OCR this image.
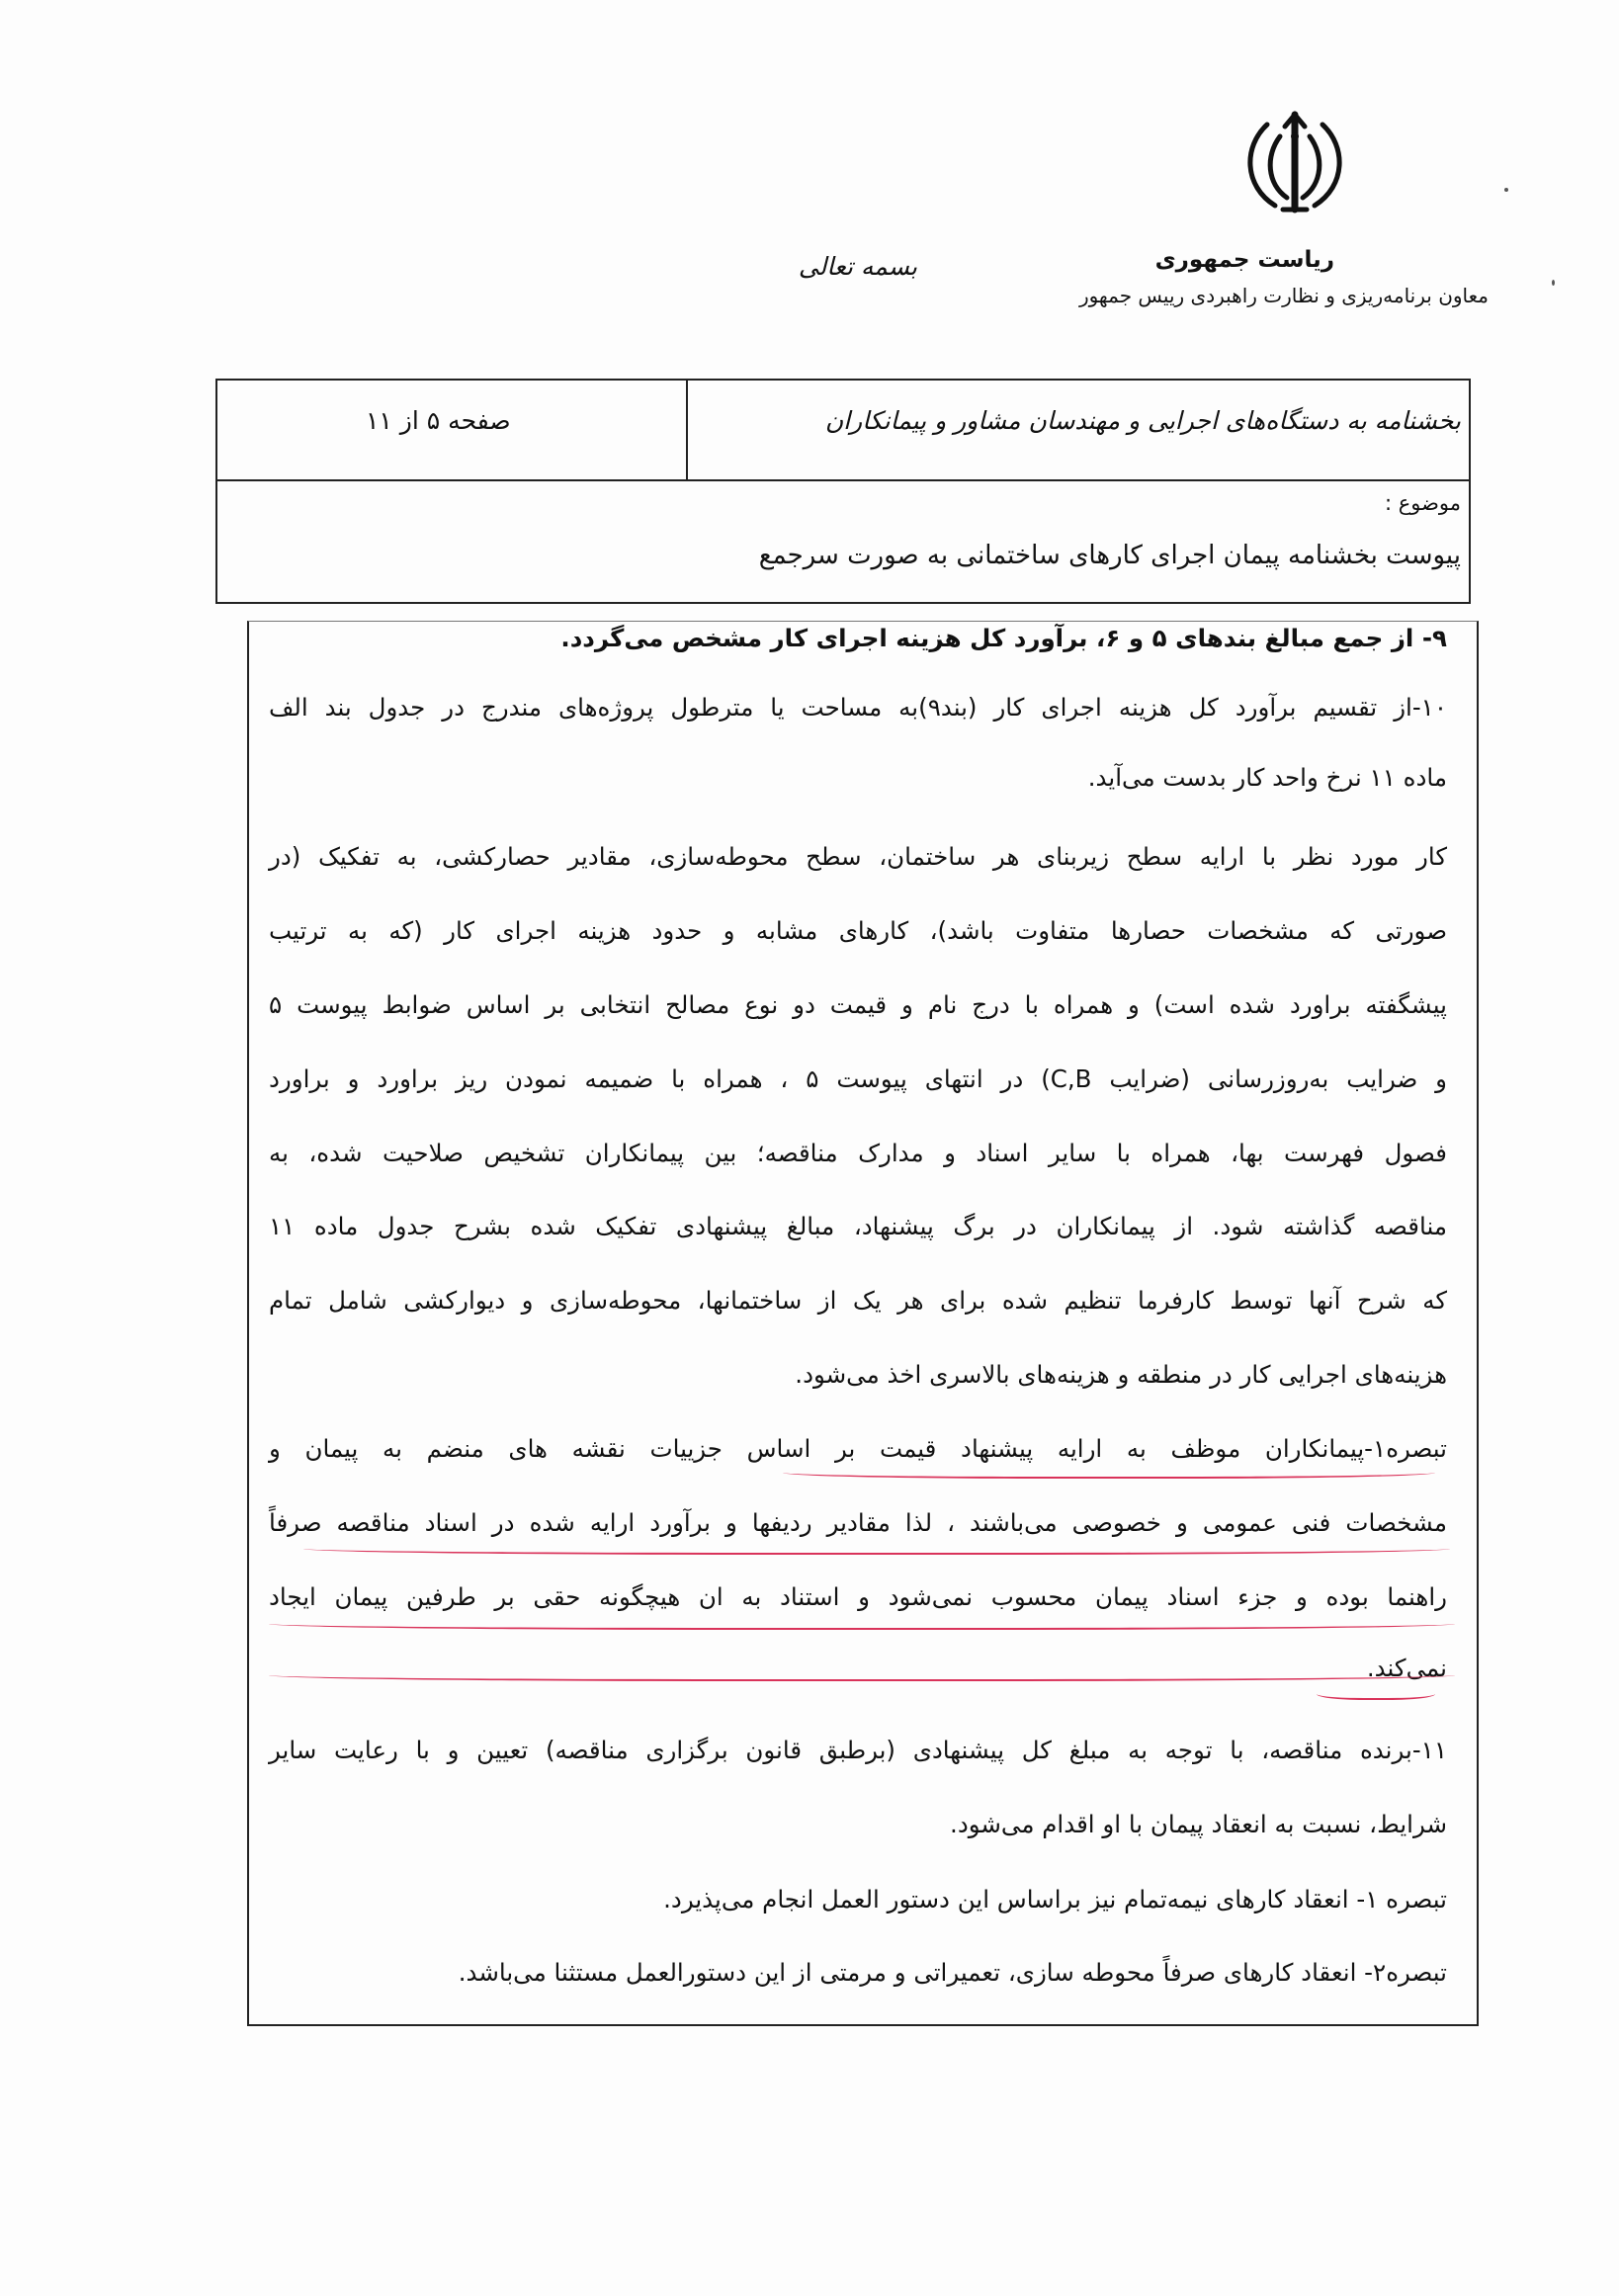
ریاست جمهوری
معاون برنامه‌ریزی و نظارت راهبردی رییس جمهور
بسمه تعالی
بخشنامه به دستگاه‌های اجرایی و مهندسان مشاور و پیمانکاران
صفحه ۵ از ۱۱
موضوع :
پیوست بخشنامه پیمان اجرای کارهای ساختمانی به صورت سرجمع
۹- از جمع مبالغ بندهای ۵ و ۶، برآورد کل هزینه اجرای کار مشخص می‌گردد.
۱۰-از تقسیم برآورد کل هزینه اجرای کار (بند۹)به مساحت یا مترطول پروژه‌های مندرج در جدول بند الف
ماده ۱۱ نرخ واحد کار بدست می‌آید.
کار مورد نظر با ارایه سطح زیربنای هر ساختمان، سطح محوطه‌سازی، مقادیر حصارکشی، به تفکیک (در
صورتی که مشخصات حصارها متفاوت باشد)، کارهای مشابه و حدود هزینه اجرای کار (که به ترتیب
پیشگفته براورد شده است) و همراه با درج نام و قیمت دو نوع مصالح انتخابی بر اساس ضوابط پیوست ۵
و ضرایب به‌روزرسانی (ضرایب C,B) در انتهای پیوست ۵ ، همراه با ضمیمه نمودن ریز براورد و براورد
فصول فهرست بها، همراه با سایر اسناد و مدارک مناقصه؛ بین پیمانکاران تشخیص صلاحیت شده، به
مناقصه گذاشته شود. از پیمانکاران در برگ پیشنهاد، مبالغ پیشنهادی تفکیک شده بشرح جدول ماده ۱۱
که شرح آنها توسط کارفرما تنظیم شده برای هر یک از ساختمانها، محوطه‌سازی و دیوارکشی شامل تمام
هزینه‌های اجرایی کار در منطقه و هزینه‌های بالاسری اخذ می‌شود.
تبصره۱-پیمانکاران موظف به ارایه پیشنهاد قیمت بر اساس جزییات نقشه های منضم به پیمان و
مشخصات فنی عمومی و خصوصی می‌باشند ، لذا مقادیر ردیفها و برآورد ارایه شده در اسناد مناقصه صرفاً
راهنما بوده و جزء اسناد پیمان محسوب نمی‌شود و استناد به ان هیچگونه حقی بر طرفین پیمان ایجاد
نمی‌کند.
۱۱-برنده مناقصه، با توجه به مبلغ کل پیشنهادی (برطبق قانون برگزاری مناقصه) تعیین و با رعایت سایر
شرایط، نسبت به انعقاد پیمان با او اقدام می‌شود.
تبصره ۱- انعقاد کارهای نیمه‌تمام نیز براساس این دستور العمل انجام می‌پذیرد.
تبصره۲- انعقاد کارهای صرفاً محوطه سازی، تعمیراتی و مرمتی از این دستورالعمل مستثنا می‌باشد.
